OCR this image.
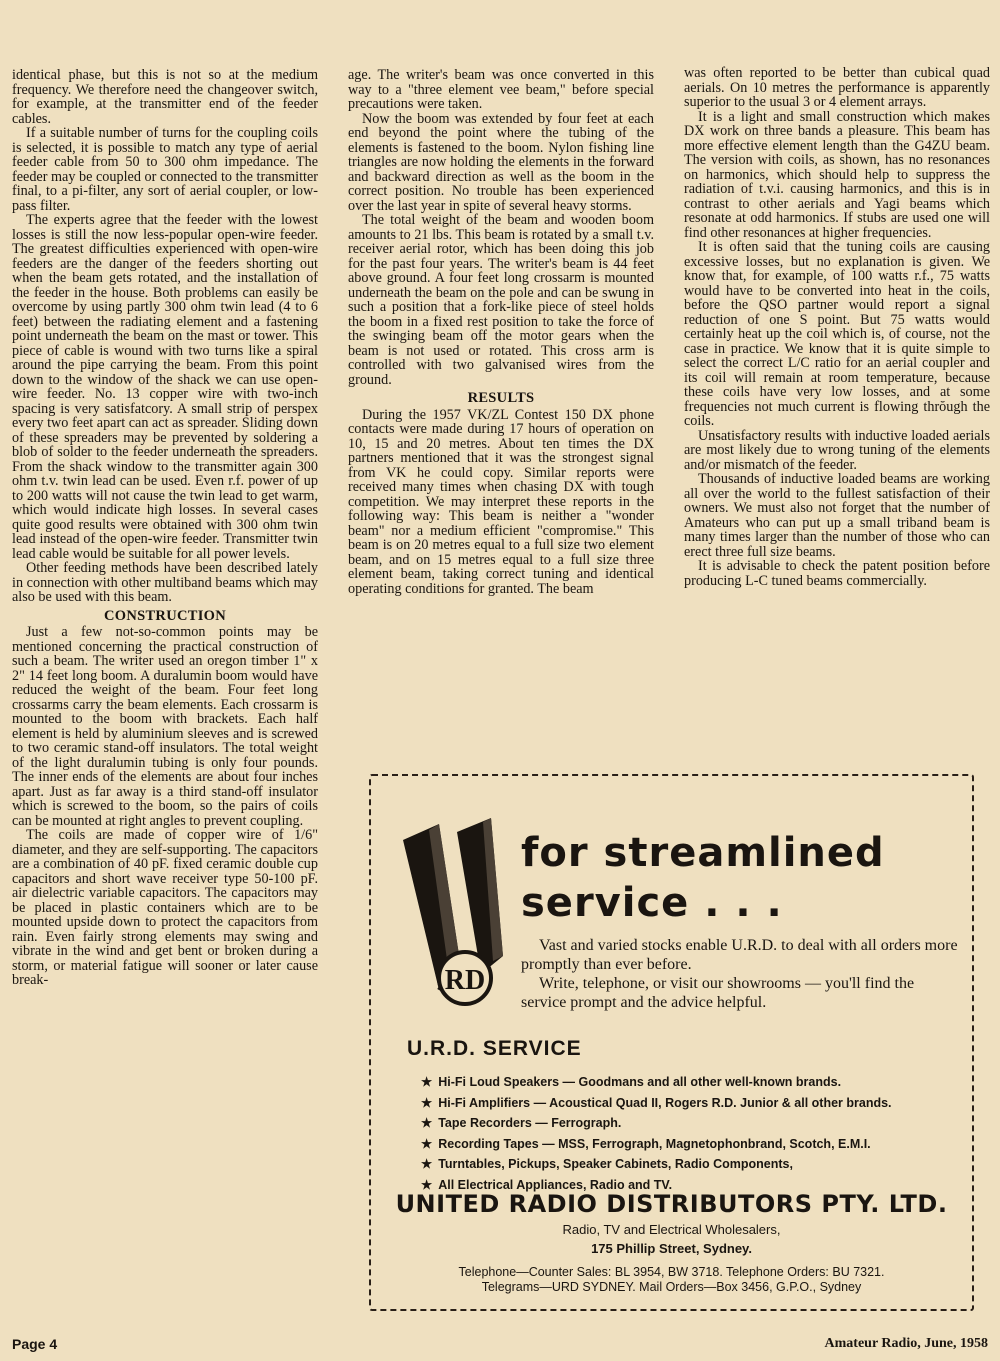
identical phase, but this is not so at the medium frequency. We therefore need the changeover switch, for example, at the transmitter end of the feeder cables.

If a suitable number of turns for the coupling coils is selected, it is possible to match any type of aerial feeder cable from 50 to 300 ohm impedance. The feeder may be coupled or connected to the transmitter final, to a pi-filter, any sort of aerial coupler, or low-pass filter.

The experts agree that the feeder with the lowest losses is still the now less-popular open-wire feeder. The greatest difficulties experienced with open-wire feeders are the danger of the feeders shorting out when the beam gets rotated, and the installation of the feeder in the house. Both problems can easily be overcome by using partly 300 ohm twin lead (4 to 6 feet) between the radiating element and a fastening point underneath the beam on the mast or tower. This piece of cable is wound with two turns like a spiral around the pipe carrying the beam. From this point down to the window of the shack we can use open-wire feeder. No. 13 copper wire with two-inch spacing is very satisfatcory. A small strip of perspex every two feet apart can act as spreader. Sliding down of these spreaders may be prevented by soldering a blob of solder to the feeder underneath the spreaders. From the shack window to the transmitter again 300 ohm t.v. twin lead can be used. Even r.f. power of up to 200 watts will not cause the twin lead to get warm, which would indicate high losses. In several cases quite good results were obtained with 300 ohm twin lead instead of the open-wire feeder. Transmitter twin lead cable would be suitable for all power levels.

Other feeding methods have been described lately in connection with other multiband beams which may also be used with this beam.

CONSTRUCTION

Just a few not-so-common points may be mentioned concerning the practical construction of such a beam. The writer used an oregon timber 1" x 2" 14 feet long boom. A duralumin boom would have reduced the weight of the beam. Four feet long crossarms carry the beam elements. Each crossarm is mounted to the boom with brackets. Each half element is held by aluminium sleeves and is screwed to two ceramic stand-off insulators. The total weight of the light duralumin tubing is only four pounds. The inner ends of the elements are about four inches apart. Just as far away is a third stand-off insulator which is screwed to the boom, so the pairs of coils can be mounted at right angles to prevent coupling.

The coils are made of copper wire of 1/6" diameter, and they are self-supporting. The capacitors are a combination of 40 pF. fixed ceramic double cup capacitors and short wave receiver type 50-100 pF. air dielectric variable capacitors. The capacitors may be placed in plastic containers which are to be mounted upside down to protect the capacitors from rain. Even fairly strong elements may swing and vibrate in the wind and get bent or broken during a storm, or material fatigue will sooner or later cause break-

age. The writer's beam was once converted in this way to a "three element vee beam," before special precautions were taken.

Now the boom was extended by four feet at each end beyond the point where the tubing of the elements is fastened to the boom. Nylon fishing line triangles are now holding the elements in the forward and backward direction as well as the boom in the correct position. No trouble has been experienced over the last year in spite of several heavy storms.

The total weight of the beam and wooden boom amounts to 21 lbs. This beam is rotated by a small t.v. receiver aerial rotor, which has been doing this job for the past four years. The writer's beam is 44 feet above ground. A four feet long crossarm is mounted underneath the beam on the pole and can be swung in such a position that a fork-like piece of steel holds the boom in a fixed rest position to take the force of the swinging beam off the motor gears when the beam is not used or rotated. This cross arm is controlled with two galvanised wires from the ground.

RESULTS

During the 1957 VK/ZL Contest 150 DX phone contacts were made during 17 hours of operation on 10, 15 and 20 metres. About ten times the DX partners mentioned that it was the strongest signal from VK he could copy. Similar reports were received many times when chasing DX with tough competition. We may interpret these reports in the following way: This beam is neither a "wonder beam" nor a medium efficient "compromise." This beam is on 20 metres equal to a full size two element beam, and on 15 metres equal to a full size three element beam, taking correct tuning and identical operating conditions for granted. The beam

was often reported to be better than cubical quad aerials. On 10 metres the performance is apparently superior to the usual 3 or 4 element arrays.

It is a light and small construction which makes DX work on three bands a pleasure. This beam has more effective element length than the G4ZU beam. The version with coils, as shown, has no resonances on harmonics, which should help to suppress the radiation of t.v.i. causing harmonics, and this is in contrast to other aerials and Yagi beams which resonate at odd harmonics. If stubs are used one will find other resonances at higher frequencies.

It is often said that the tuning coils are causing excessive losses, but no explanation is given. We know that, for example, of 100 watts r.f., 75 watts would have to be converted into heat in the coils, before the QSO partner would report a signal reduction of one S point. But 75 watts would certainly heat up the coil which is, of course, not the case in practice. We know that it is quite simple to select the correct L/C ratio for an aerial coupler and its coil will remain at room temperature, because these coils have very low losses, and at some frequencies not much current is flowing thrŏugh the coils.

Unsatisfactory results with inductive loaded aerials are most likely due to wrong tuning of the elements and/or mismatch of the feeder.

Thousands of inductive loaded beams are working all over the world to the fullest satisfaction of their owners. We must also not forget that the number of Amateurs who can put up a small triband beam is many times larger than the number of those who can erect three full size beams.

It is advisable to check the patent position before producing L-C tuned beams commercially.

RD
for streamlined
service . . .

Vast and varied stocks enable U.R.D. to deal with all orders more promptly than ever before.

Write, telephone, or visit our showrooms — you'll find the service prompt and the advice helpful.

U.R.D. SERVICE
★ Hi-Fi Loud Speakers — Goodmans and all other well-known brands.
★ Hi-Fi Amplifiers — Acoustical Quad II, Rogers R.D. Junior & all other brands.
★ Tape Recorders — Ferrograph.
★ Recording Tapes — MSS, Ferrograph, Magnetophonbrand, Scotch, E.M.I.
★ Turntables, Pickups, Speaker Cabinets, Radio Components,
★ All Electrical Appliances, Radio and TV.
UNITED RADIO DISTRIBUTORS PTY. LTD.
Radio, TV and Electrical Wholesalers,
175 Phillip Street, Sydney.
Telephone—Counter Sales: BL 3954, BW 3718. Telephone Orders: BU 7321.
Telegrams—URD SYDNEY. Mail Orders—Box 3456, G.P.O., Sydney
Page 4	Amateur Radio, June, 1958
